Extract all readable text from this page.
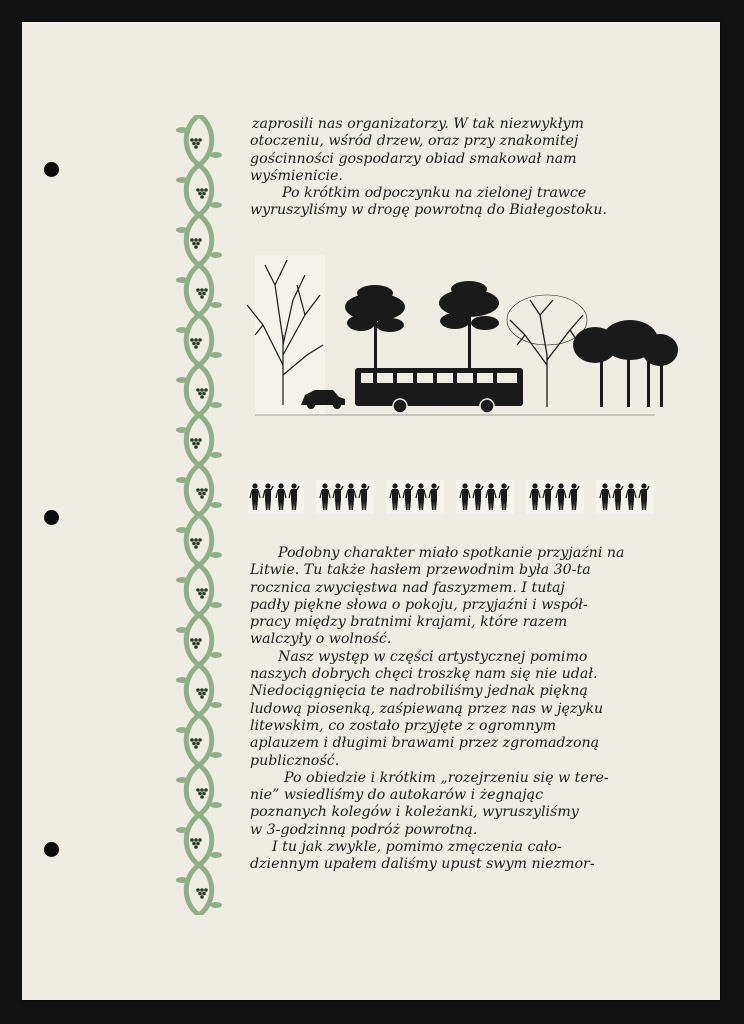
zaprosili nas organizatorzy. W tak niezwykłym
otoczeniu, wśród drzew, oraz przy znakomitej
gościnności gospodarzy obiad smakował nam
wyśmienicie.
Po krótkim odpoczynku na zielonej trawce
wyruszyliśmy w drogę powrotną do Białegostoku.
Podobny charakter miało spotkanie przyjaźni na
Litwie. Tu także hasłem przewodnim była 30-ta
rocznica zwycięstwa nad faszyzmem. I tutaj
padły piękne słowa o pokoju, przyjaźni i współ-
pracy między bratnimi krajami, które razem
walczyły o wolność.
Nasz występ w części artystycznej pomimo
naszych dobrych chęci troszkę nam się nie udał.
Niedociągnięcia te nadrobiliśmy jednak piękną
ludową piosenką, zaśpiewaną przez nas w języku
litewskim, co zostało przyjęte z ogromnym
aplauzem i długimi brawami przez zgromadzoną
publiczność.
Po obiedzie i krótkim „rozejrzeniu się w tere-
nie” wsiedliśmy do autokarów i żegnając
poznanych kolegów i koleżanki, wyruszyliśmy
w 3-godzinną podróż powrotną.
I tu jak zwykle, pomimo zmęczenia cało-
dziennym upałem daliśmy upust swym niezmor-
